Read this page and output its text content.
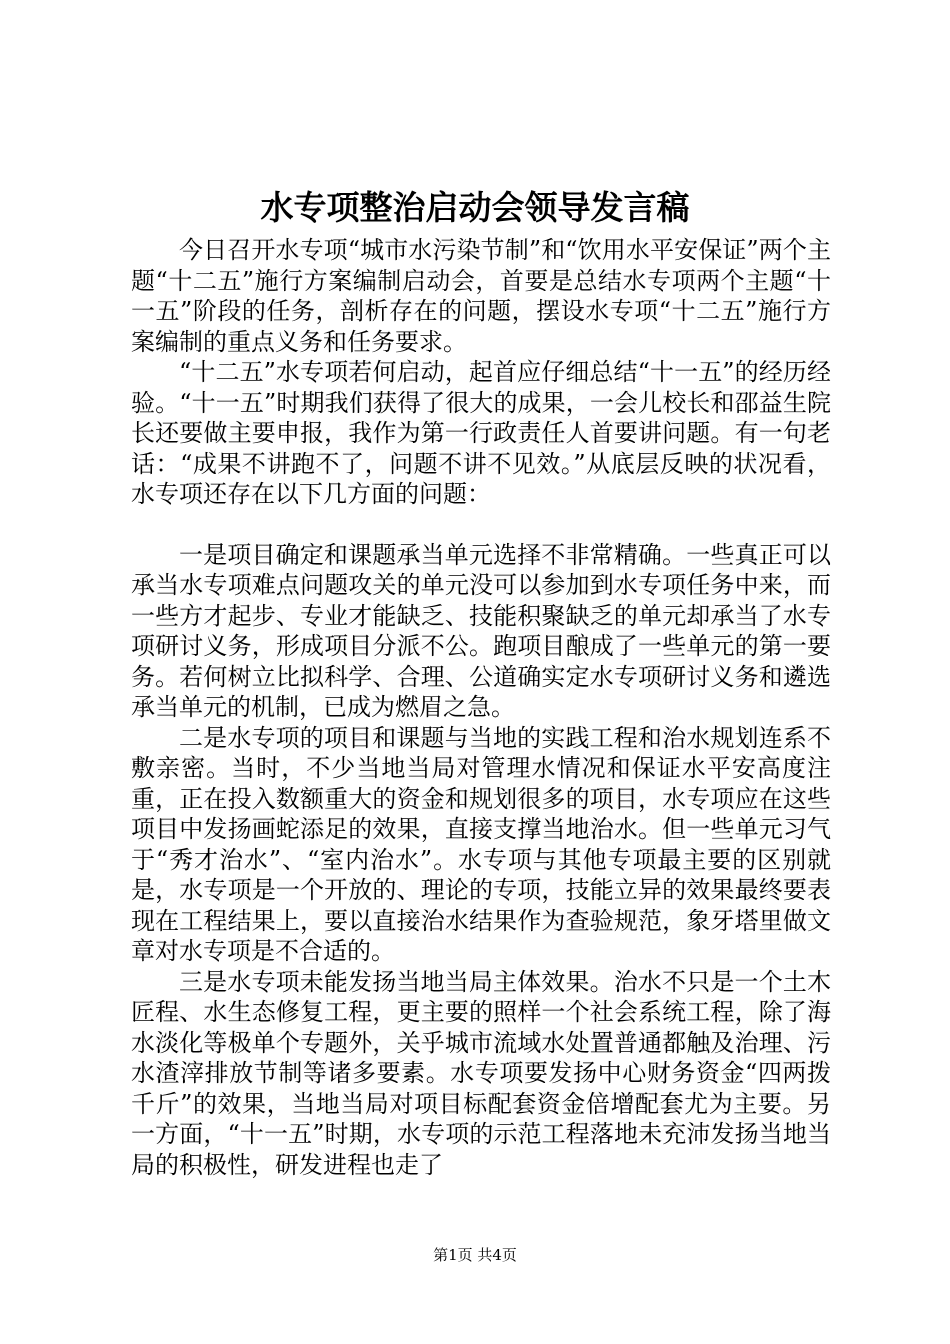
水专项整治启动会领导发言稿

今日召开水专项“城市水污染节制”和“饮用水平安保证”两个主题“十二五”施行方案编制启动会，首要是总结水专项两个主题“十一五”阶段的任务，剖析存在的问题，摆设水专项“十二五”施行方案编制的重点义务和任务要求。

“十二五”水专项若何启动，起首应仔细总结“十一五”的经历经验。“十一五”时期我们获得了很大的成果，一会儿校长和邵益生院长还要做主要申报，我作为第一行政责任人首要讲问题。有一句老话：“成果不讲跑不了，问题不讲不见效。”从底层反映的状况看，水专项还存在以下几方面的问题：

一是项目确定和课题承当单元选择不非常精确。一些真正可以承当水专项难点问题攻关的单元没可以参加到水专项任务中来，而一些方才起步、专业才能缺乏、技能积聚缺乏的单元却承当了水专项研讨义务，形成项目分派不公。跑项目酿成了一些单元的第一要务。若何树立比拟科学、合理、公道确实定水专项研讨义务和遴选承当单元的机制，已成为燃眉之急。

二是水专项的项目和课题与当地的实践工程和治水规划连系不敷亲密。当时，不少当地当局对管理水情况和保证水平安高度注重，正在投入数额重大的资金和规划很多的项目，水专项应在这些项目中发扬画蛇添足的效果，直接支撑当地治水。但一些单元习气于“秀才治水”、“室内治水”。水专项与其他专项最主要的区别就是，水专项是一个开放的、理论的专项，技能立异的效果最终要表现在工程结果上，要以直接治水结果作为查验规范，象牙塔里做文章对水专项是不合适的。

三是水专项未能发扬当地当局主体效果。治水不只是一个土木匠程、水生态修复工程，更主要的照样一个社会系统工程，除了海水淡化等极单个专题外，关乎城市流域水处置普通都触及治理、污水渣滓排放节制等诸多要素。水专项要发扬中心财务资金“四两拨千斤”的效果，当地当局对项目标配套资金倍增配套尤为主要。另一方面，“十一五”时期，水专项的示范工程落地未充沛发扬当地当局的积极性，研发进程也走了

第1页 共4页
